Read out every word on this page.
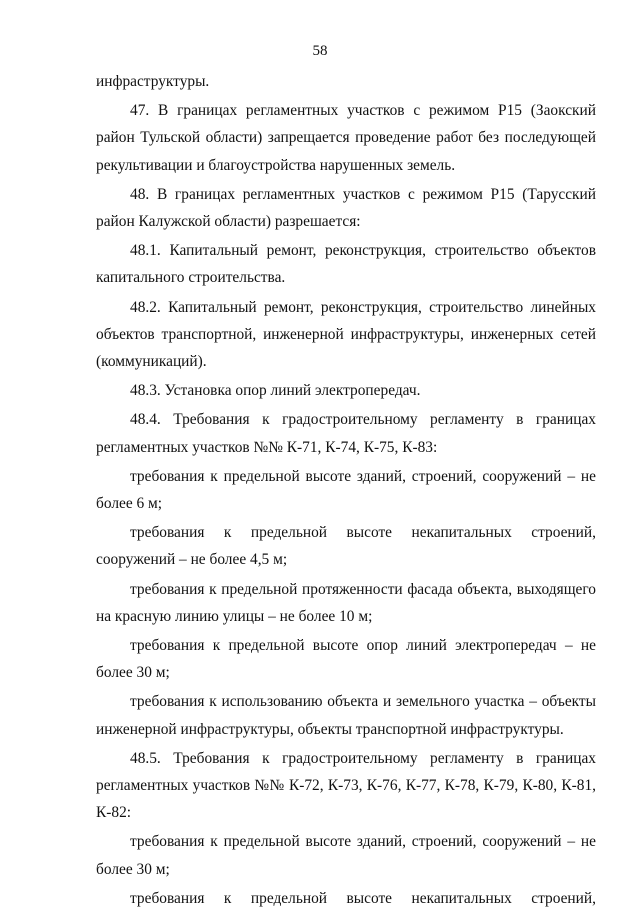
58

инфраструктуры.

47. В границах регламентных участков с режимом Р15 (Заокский район Тульской области) запрещается проведение работ без последующей рекультивации и благоустройства нарушенных земель.

48. В границах регламентных участков с режимом Р15 (Тарусский район Калужской области) разрешается:

48.1. Капитальный ремонт, реконструкция, строительство объектов капитального строительства.

48.2. Капитальный ремонт, реконструкция, строительство линейных объектов транспортной, инженерной инфраструктуры, инженерных сетей (коммуникаций).

48.3. Установка опор линий электропередач.

48.4. Требования к градостроительному регламенту в границах регламентных участков №№ К-71, К-74, К-75, К-83:

требования к предельной высоте зданий, строений, сооружений – не более 6 м;

требования к предельной высоте некапитальных строений, сооружений – не более 4,5 м;

требования к предельной протяженности фасада объекта, выходящего на красную линию улицы – не более 10 м;

требования к предельной высоте опор линий электропередач – не более 30 м;

требования к использованию объекта и земельного участка – объекты инженерной инфраструктуры, объекты транспортной инфраструктуры.

48.5. Требования к градостроительному регламенту в границах регламентных участков №№ К-72, К-73, К-76, К-77, К-78, К-79, К-80, К-81, К-82:

требования к предельной высоте зданий, строений, сооружений – не более 30 м;

требования к предельной высоте некапитальных строений,
